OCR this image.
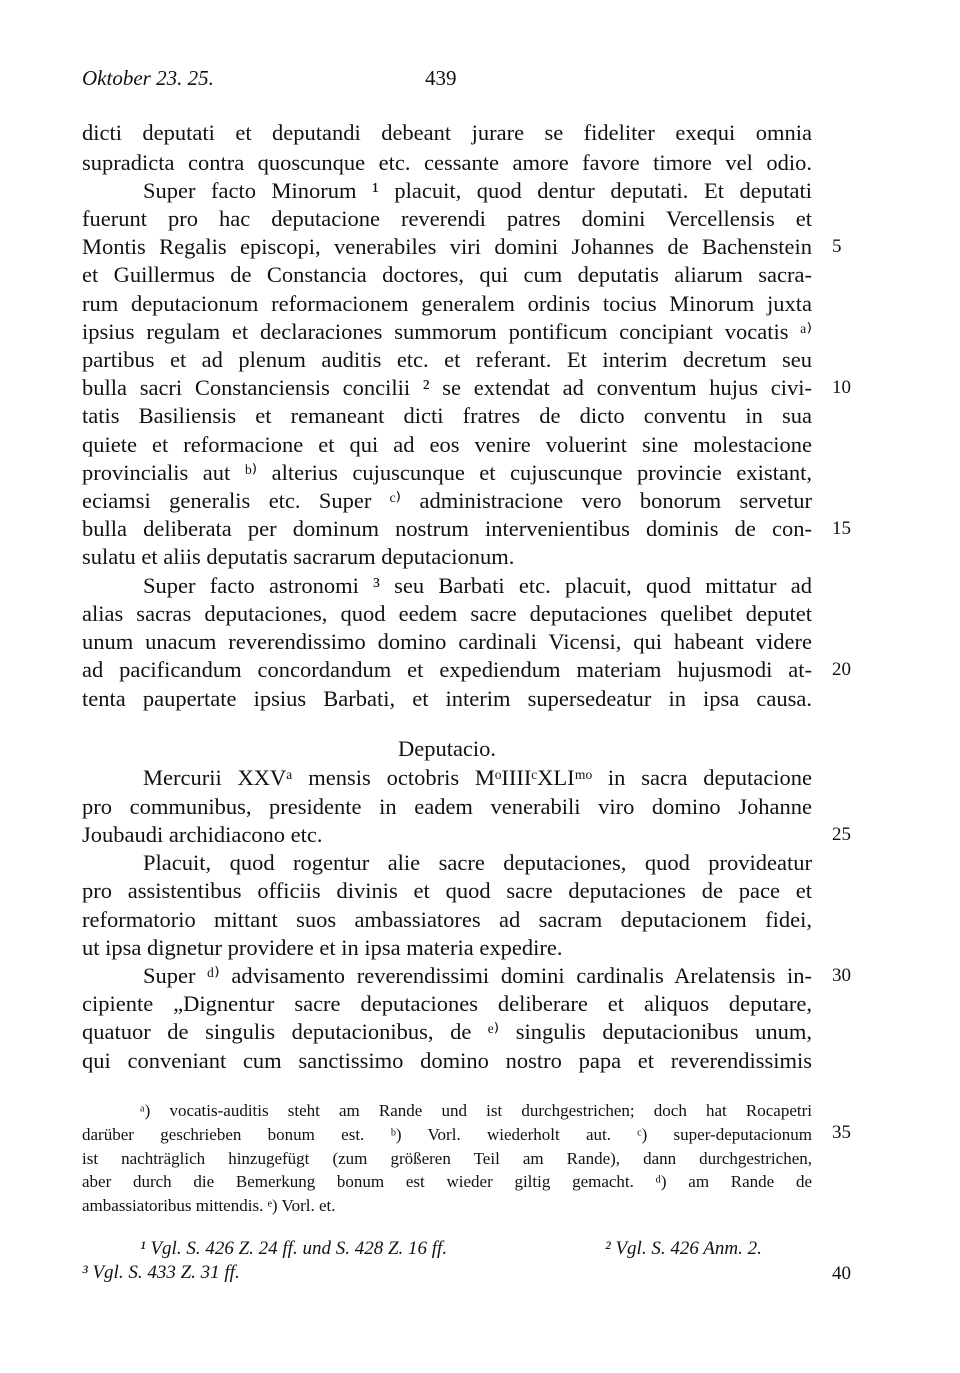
Oktober 23. 25.	439
dicti deputati et deputandi debeant jurare se fideliter exequi omnia
supradicta contra quoscunque etc. cessante amore favore timore vel odio.
Super facto Minorum ¹ placuit, quod dentur deputati. Et deputati
fuerunt pro hac deputacione reverendi patres domini Vercellensis et
Montis Regalis episcopi, venerabiles viri domini Johannes de Bachenstein
et Guillermus de Constancia doctores, qui cum deputatis aliarum sacra-
rum deputacionum reformacionem generalem ordinis tocius Minorum juxta
ipsius regulam et declaraciones summorum pontificum concipiant vocatis ᵃ⁾
partibus et ad plenum auditis etc. et referant. Et interim decretum seu
bulla sacri Constanciensis concilii ² se extendat ad conventum hujus civi-
tatis Basiliensis et remaneant dicti fratres de dicto conventu in sua
quiete et reformacione et qui ad eos venire voluerint sine molestacione
provincialis aut ᵇ⁾ alterius cujuscunque et cujuscunque provincie existant,
eciamsi generalis etc. Super ᶜ⁾ administracione vero bonorum servetur
bulla deliberata per dominum nostrum intervenientibus dominis de con-
sulatu et aliis deputatis sacrarum deputacionum.
Super facto astronomi ³ seu Barbati etc. placuit, quod mittatur ad
alias sacras deputaciones, quod eedem sacre deputaciones quelibet deputet
unum unacum reverendissimo domino cardinali Vicensi, qui habeant videre
ad pacificandum concordandum et expediendum materiam hujusmodi at-
tenta paupertate ipsius Barbati, et interim supersedeatur in ipsa causa.
Deputacio.
Mercurii XXVᵃ mensis octobris MᵒIIIIᶜXLIᵐᵒ in sacra deputacione
pro communibus, presidente in eadem venerabili viro domino Johanne
Joubaudi archidiacono etc.
Placuit, quod rogentur alie sacre deputaciones, quod provideatur
pro assistentibus officiis divinis et quod sacre deputaciones de pace et
reformatorio mittant suos ambassiatores ad sacram deputacionem fidei,
ut ipsa dignetur providere et in ipsa materia expedire.
Super ᵈ⁾ advisamento reverendissimi domini cardinalis Arelatensis in-
cipiente „Dignentur sacre deputaciones deliberare et aliquos deputare,
quatuor de singulis deputacionibus, de ᵉ⁾ singulis deputacionibus unum,
qui conveniant cum sanctissimo domino nostro papa et reverendissimis
5
10
15
20
25
30
35
40
ᵃ) vocatis-auditis steht am Rande und ist durchgestrichen; doch hat Rocapetri
darüber geschrieben bonum est. ᵇ) Vorl. wiederholt aut. ᶜ) super-deputacionum
ist nachträglich hinzugefügt (zum größeren Teil am Rande), dann durchgestrichen,
aber durch die Bemerkung bonum est wieder giltig gemacht. ᵈ) am Rande de
ambassiatoribus mittendis. ᵉ) Vorl. et.
¹ Vgl. S. 426 Z. 24 ff. und S. 428 Z. 16 ff.	² Vgl. S. 426 Anm. 2.
³ Vgl. S. 433 Z. 31 ff.
